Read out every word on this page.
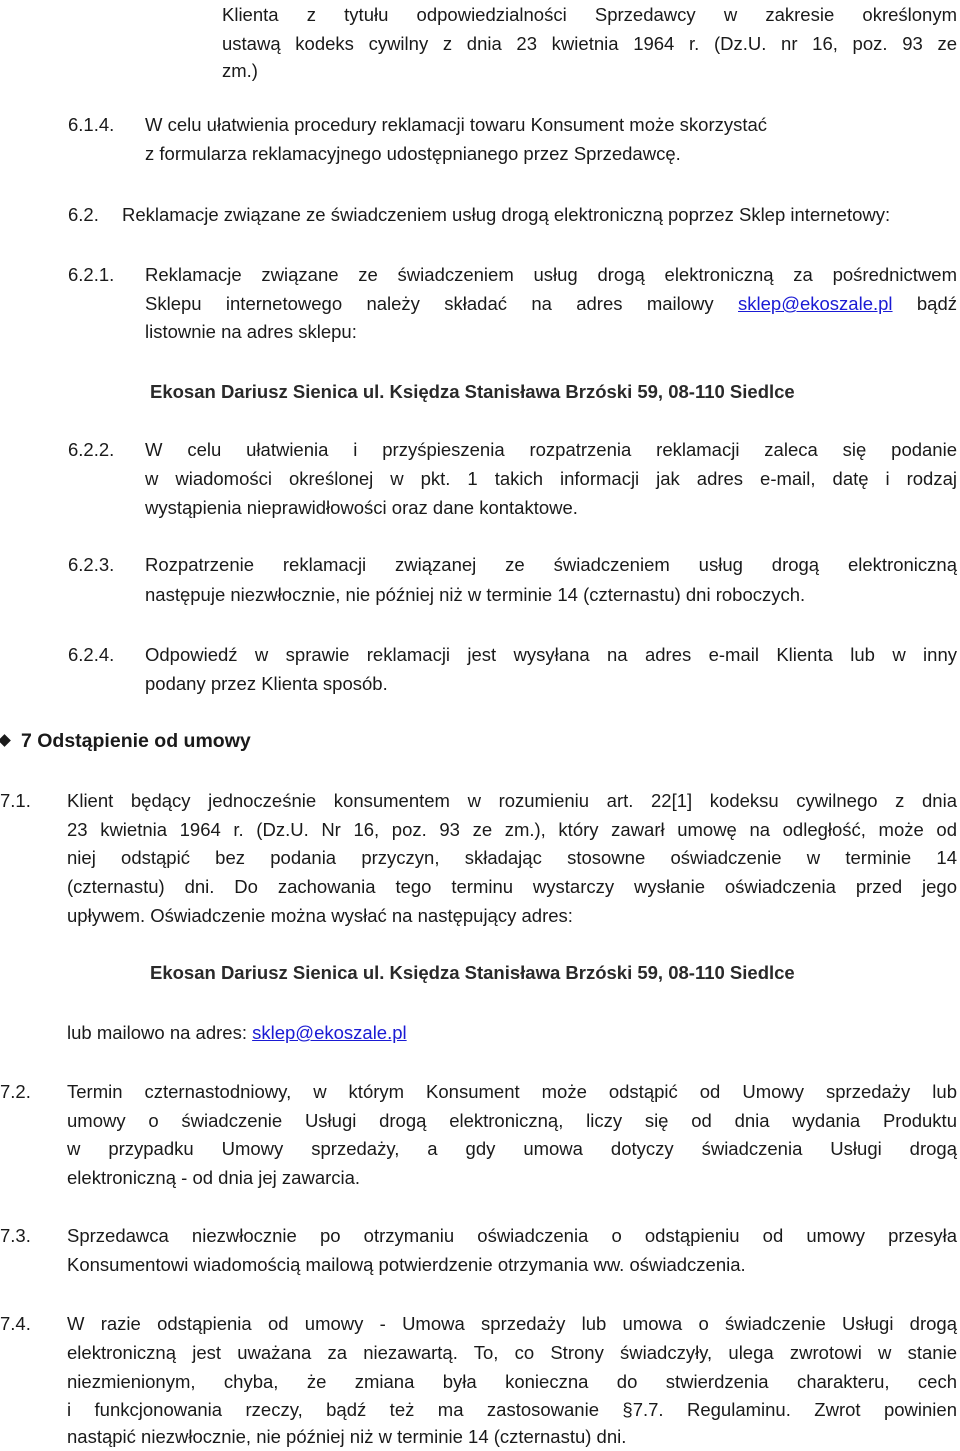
Klienta z tytułu odpowiedzialności Sprzedawcy w zakresie określonym
ustawą kodeks cywilny z dnia 23 kwietnia 1964 r. (Dz.U. nr 16, poz. 93 ze
zm.)
6.1.4. W celu ułatwienia procedury reklamacji towaru Konsument może skorzystać
z formularza reklamacyjnego udostępnianego przez Sprzedawcę.
6.2. Reklamacje związane ze świadczeniem usług drogą elektroniczną poprzez Sklep internetowy:
6.2.1. Reklamacje związane ze świadczeniem usług drogą elektroniczną za pośrednictwem
Sklepu internetowego należy składać na adres mailowy sklep@ekoszale.pl bądź
listownie na adres sklepu:
Ekosan Dariusz Sienica ul. Księdza Stanisława Brzóski 59, 08-110 Siedlce
6.2.2. W celu ułatwienia i przyśpieszenia rozpatrzenia reklamacji zaleca się podanie
w wiadomości określonej w pkt. 1 takich informacji jak adres e-mail, datę i rodzaj
wystąpienia nieprawidłowości oraz dane kontaktowe.
6.2.3. Rozpatrzenie reklamacji związanej ze świadczeniem usług drogą elektroniczną
następuje niezwłocznie, nie później niż w terminie 14 (czternastu) dni roboczych.
6.2.4. Odpowiedź w sprawie reklamacji jest wysyłana na adres e-mail Klienta lub w inny
podany przez Klienta sposób.
7 Odstąpienie od umowy
7.1. Klient będący jednocześnie konsumentem w rozumieniu art. 22[1] kodeksu cywilnego z dnia
23 kwietnia 1964 r. (Dz.U. Nr 16, poz. 93 ze zm.), który zawarł umowę na odległość, może od
niej odstąpić bez podania przyczyn, składając stosowne oświadczenie w terminie 14
(czternastu) dni. Do zachowania tego terminu wystarczy wysłanie oświadczenia przed jego
upływem. Oświadczenie można wysłać na następujący adres:
Ekosan Dariusz Sienica ul. Księdza Stanisława Brzóski 59, 08-110 Siedlce
lub mailowo na adres: sklep@ekoszale.pl
7.2. Termin czternastodniowy, w którym Konsument może odstąpić od Umowy sprzedaży lub
umowy o świadczenie Usługi drogą elektroniczną, liczy się od dnia wydania Produktu
w przypadku Umowy sprzedaży, a gdy umowa dotyczy świadczenia Usługi drogą
elektroniczną - od dnia jej zawarcia.
7.3. Sprzedawca niezwłocznie po otrzymaniu oświadczenia o odstąpieniu od umowy przesyła
Konsumentowi wiadomością mailową potwierdzenie otrzymania ww. oświadczenia.
7.4. W razie odstąpienia od umowy - Umowa sprzedaży lub umowa o świadczenie Usługi drogą
elektroniczną jest uważana za niezawartą. To, co Strony świadczyły, ulega zwrotowi w stanie
niezmienionym, chyba, że zmiana była konieczna do stwierdzenia charakteru, cech
i funkcjonowania rzeczy, bądź też ma zastosowanie §7.7. Regulaminu. Zwrot powinien
nastąpić niezwłocznie, nie później niż w terminie 14 (czternastu) dni.
